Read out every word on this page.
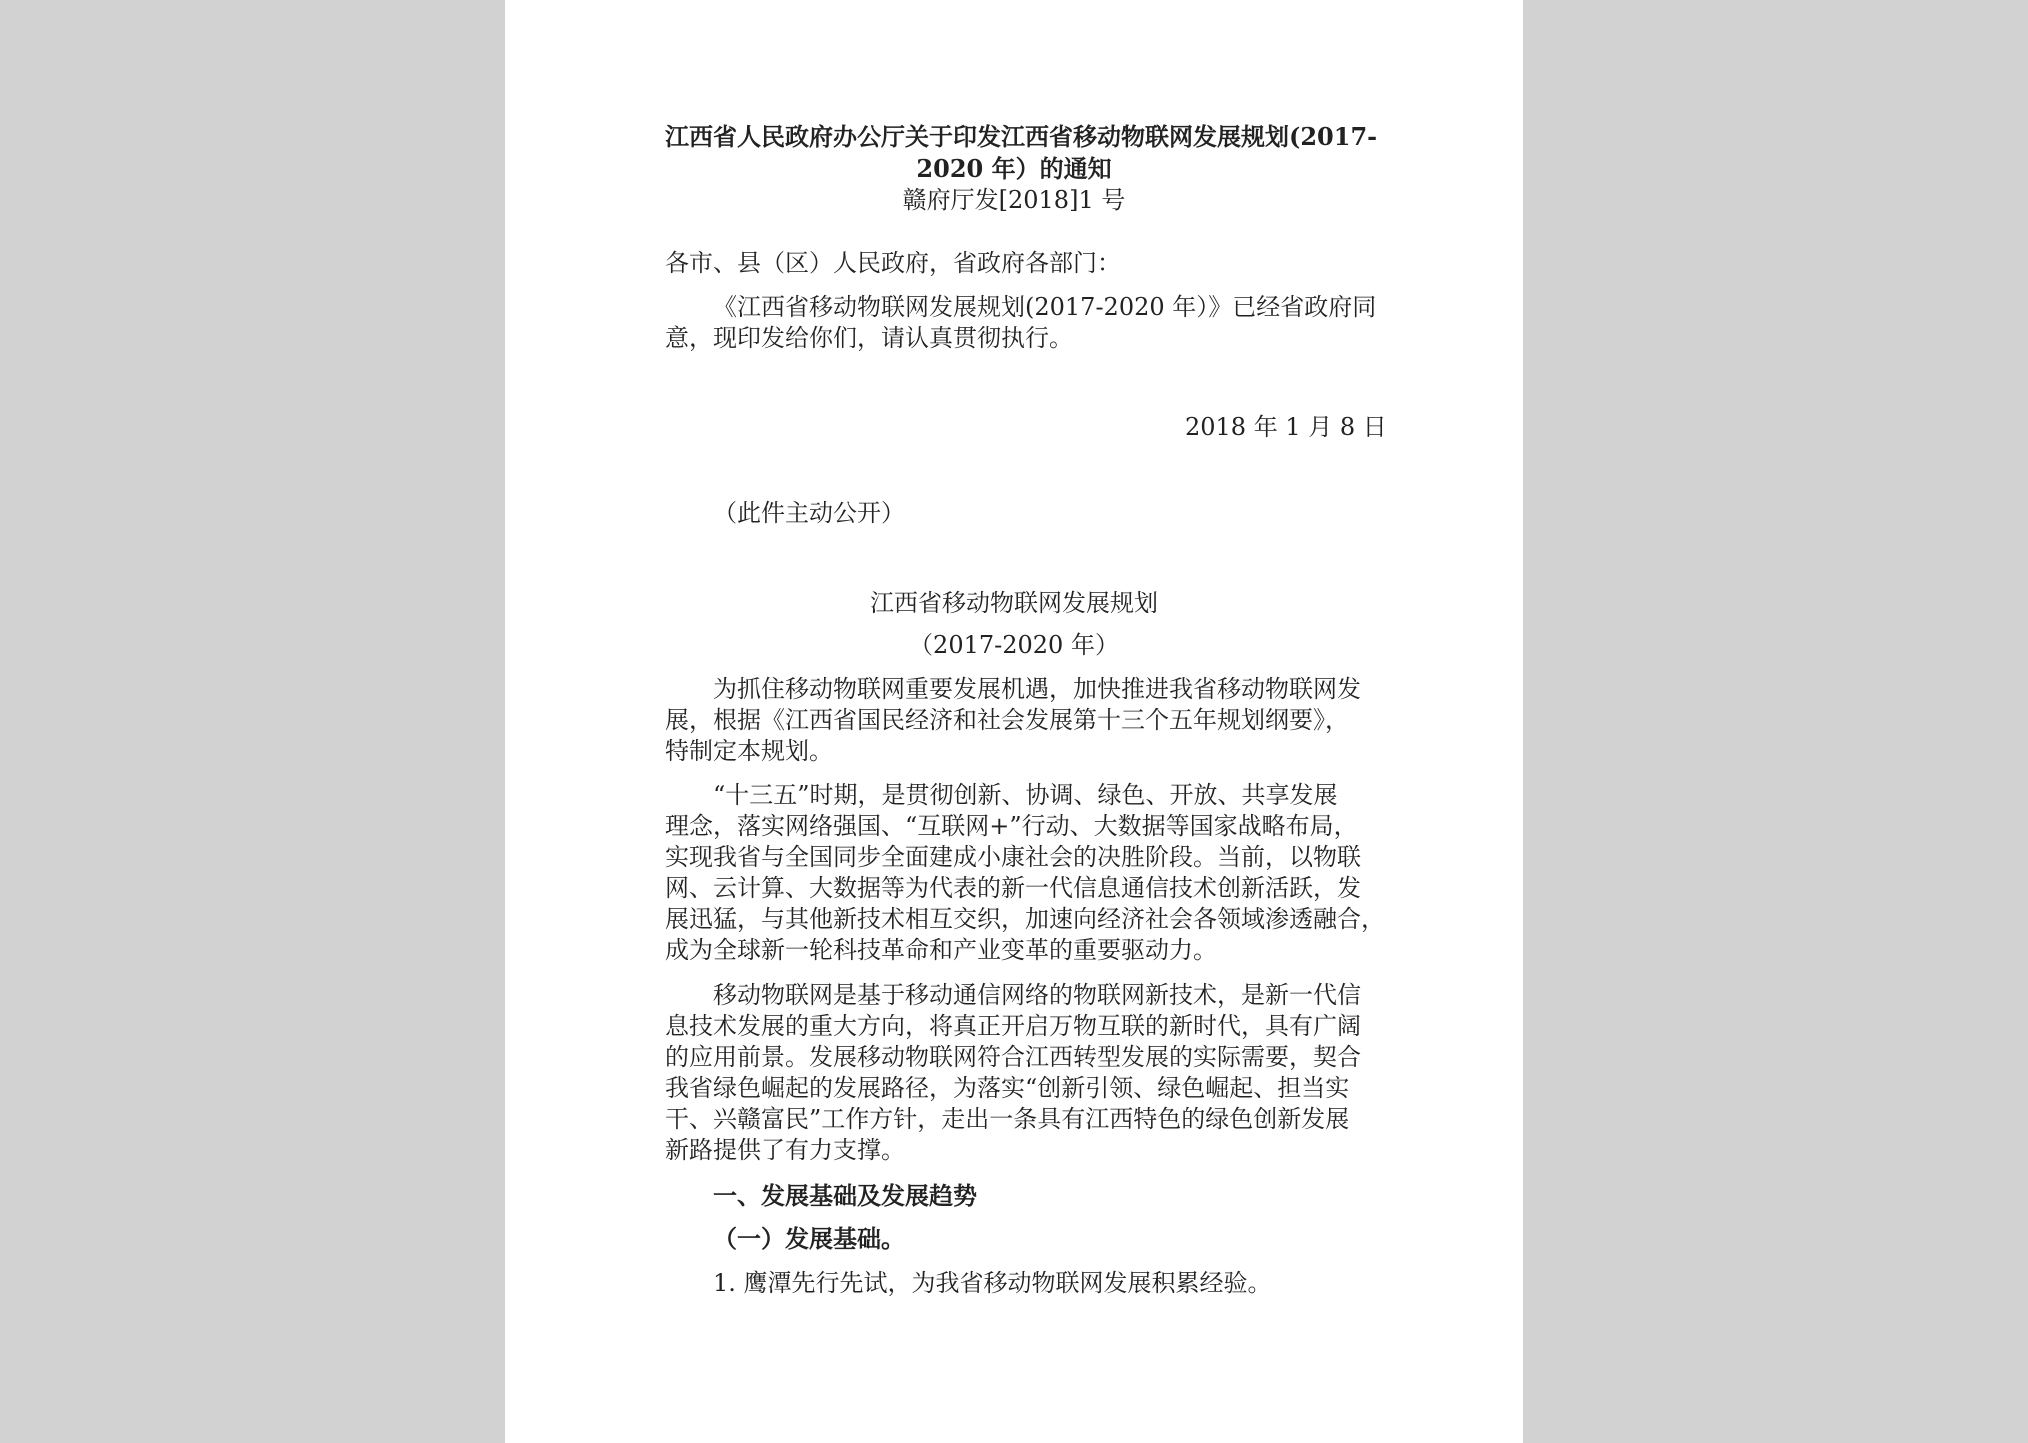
江西省人民政府办公厅关于印发江西省移动物联网发展规划(2017-
2020 年）的通知
赣府厅发[2018]1 号
各市、县（区）人民政府，省政府各部门：
《江西省移动物联网发展规划(2017-2020 年）》已经省政府同
意，现印发给你们，请认真贯彻执行。
2018 年 1 月 8 日
（此件主动公开）
江西省移动物联网发展规划
（2017-2020 年）
为抓住移动物联网重要发展机遇，加快推进我省移动物联网发
展，根据《江西省国民经济和社会发展第十三个五年规划纲要》，
特制定本规划。
“十三五”时期，是贯彻创新、协调、绿色、开放、共享发展
理念，落实网络强国、“互联网+”行动、大数据等国家战略布局，
实现我省与全国同步全面建成小康社会的决胜阶段。当前，以物联
网、云计算、大数据等为代表的新一代信息通信技术创新活跃，发
展迅猛，与其他新技术相互交织，加速向经济社会各领域渗透融合，
成为全球新一轮科技革命和产业变革的重要驱动力。
移动物联网是基于移动通信网络的物联网新技术，是新一代信
息技术发展的重大方向，将真正开启万物互联的新时代，具有广阔
的应用前景。发展移动物联网符合江西转型发展的实际需要，契合
我省绿色崛起的发展路径，为落实“创新引领、绿色崛起、担当实
干、兴赣富民”工作方针，走出一条具有江西特色的绿色创新发展
新路提供了有力支撑。
一、发展基础及发展趋势
（一）发展基础。
1. 鹰潭先行先试，为我省移动物联网发展积累经验。
